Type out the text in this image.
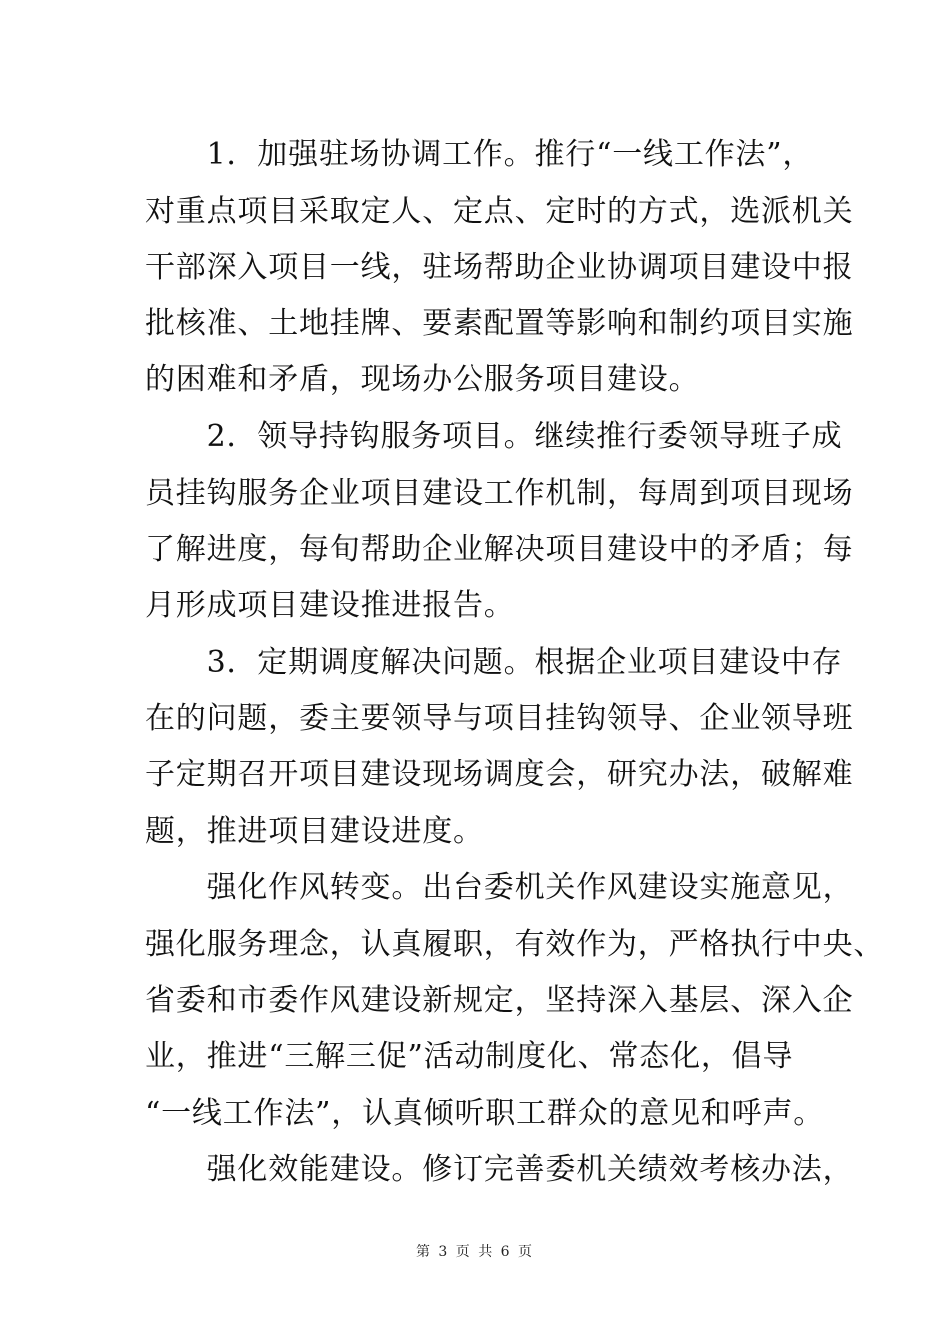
　　1．加强驻场协调工作。推行“一线工作法”，
对重点项目采取定人、定点、定时的方式，选派机关
干部深入项目一线，驻场帮助企业协调项目建设中报
批核准、土地挂牌、要素配置等影响和制约项目实施
的困难和矛盾，现场办公服务项目建设。
　　2．领导持钩服务项目。继续推行委领导班子成
员挂钩服务企业项目建设工作机制，每周到项目现场
了解进度，每旬帮助企业解决项目建设中的矛盾；每
月形成项目建设推进报告。
　　3．定期调度解决问题。根据企业项目建设中存
在的问题，委主要领导与项目挂钩领导、企业领导班
子定期召开项目建设现场调度会，研究办法，破解难
题，推进项目建设进度。
　　强化作风转变。出台委机关作风建设实施意见，
强化服务理念，认真履职，有效作为，严格执行中央、
省委和市委作风建设新规定，坚持深入基层、深入企
业，推进“三解三促”活动制度化、常态化，倡导
“一线工作法”，认真倾听职工群众的意见和呼声。
　　强化效能建设。修订完善委机关绩效考核办法，
第 3 页 共 6 页
